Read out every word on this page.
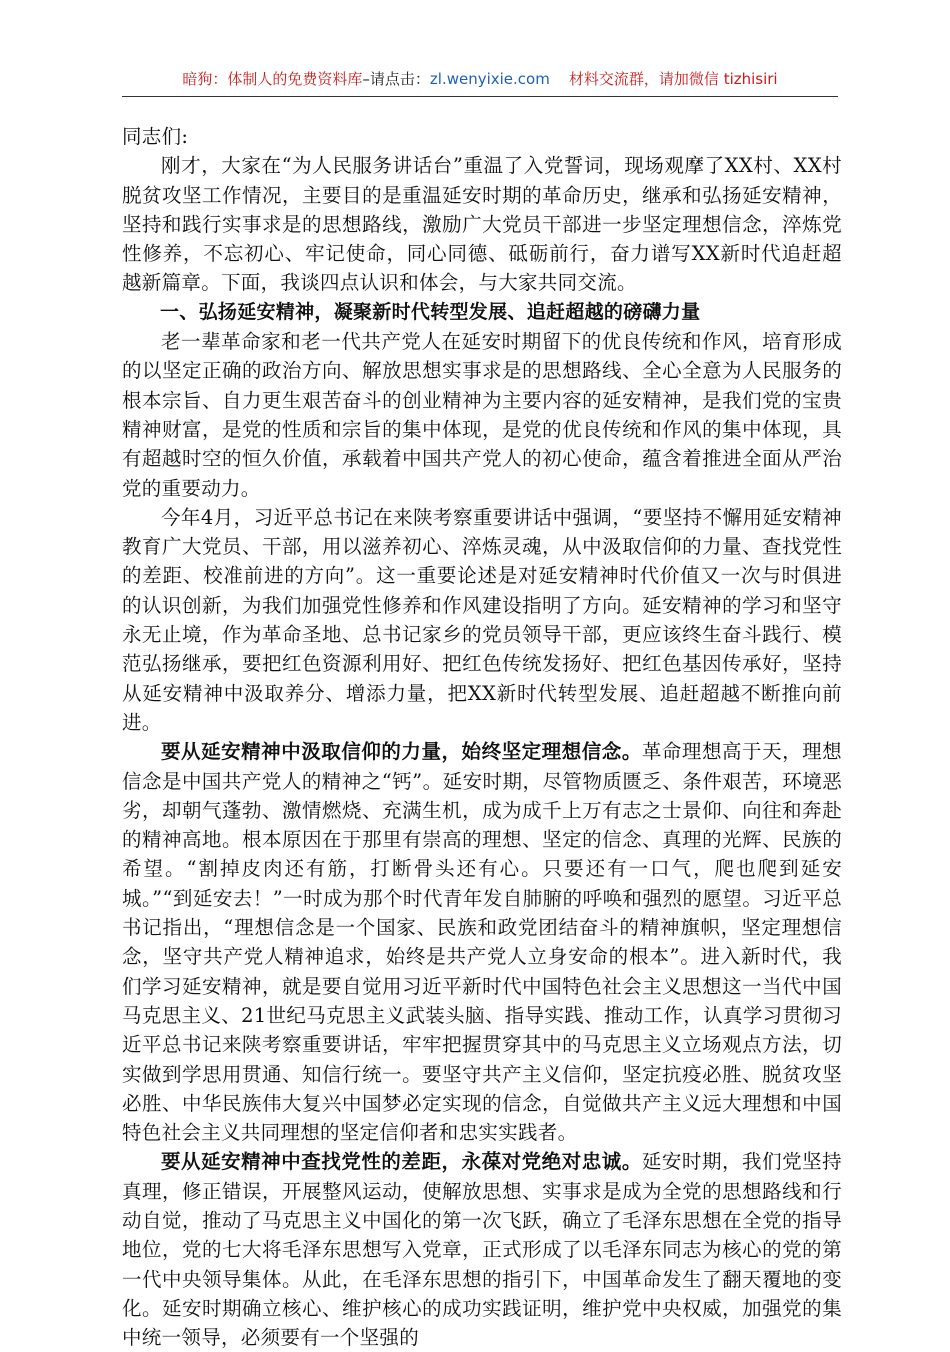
暗狗：体制人的免费资料库–请点击：zl.wenyixie.com 材料交流群，请加微信 tizhisiri

同志们:

刚才，大家在“为人民服务讲话台”重温了入党誓词，现场观摩了XX村、XX村脱贫攻坚工作情况，主要目的是重温延安时期的革命历史，继承和弘扬延安精神，坚持和践行实事求是的思想路线，激励广大党员干部进一步坚定理想信念，淬炼党性修养，不忘初心、牢记使命，同心同德、砥砺前行，奋力谱写XX新时代追赶超越新篇章。下面，我谈四点认识和体会，与大家共同交流。

一、弘扬延安精神，凝聚新时代转型发展、追赶超越的磅礴力量

老一辈革命家和老一代共产党人在延安时期留下的优良传统和作风，培育形成的以坚定正确的政治方向、解放思想实事求是的思想路线、全心全意为人民服务的根本宗旨、自力更生艰苦奋斗的创业精神为主要内容的延安精神，是我们党的宝贵精神财富，是党的性质和宗旨的集中体现，是党的优良传统和作风的集中体现，具有超越时空的恒久价值，承载着中国共产党人的初心使命，蕴含着推进全面从严治党的重要动力。

今年4月，习近平总书记在来陕考察重要讲话中强调，“要坚持不懈用延安精神教育广大党员、干部，用以滋养初心、淬炼灵魂，从中汲取信仰的力量、查找党性的差距、校准前进的方向”。这一重要论述是对延安精神时代价值又一次与时俱进的认识创新，为我们加强党性修养和作风建设指明了方向。延安精神的学习和坚守永无止境，作为革命圣地、总书记家乡的党员领导干部，更应该终生奋斗践行、模范弘扬继承，要把红色资源利用好、把红色传统发扬好、把红色基因传承好，坚持从延安精神中汲取养分、增添力量，把XX新时代转型发展、追赶超越不断推向前进。

要从延安精神中汲取信仰的力量，始终坚定理想信念。革命理想高于天，理想信念是中国共产党人的精神之“钙”。延安时期，尽管物质匮乏、条件艰苦，环境恶劣，却朝气蓬勃、激情燃烧、充满生机，成为成千上万有志之士景仰、向往和奔赴的精神高地。根本原因在于那里有崇高的理想、坚定的信念、真理的光辉、民族的希望。“割掉皮肉还有筋，打断骨头还有心。只要还有一口气，爬也爬到延安城。”“到延安去！”一时成为那个时代青年发自肺腑的呼唤和强烈的愿望。习近平总书记指出，“理想信念是一个国家、民族和政党团结奋斗的精神旗帜，坚定理想信念，坚守共产党人精神追求，始终是共产党人立身安命的根本”。进入新时代，我们学习延安精神，就是要自觉用习近平新时代中国特色社会主义思想这一当代中国马克思主义、21世纪马克思主义武装头脑、指导实践、推动工作，认真学习贯彻习近平总书记来陕考察重要讲话，牢牢把握贯穿其中的马克思主义立场观点方法，切实做到学思用贯通、知信行统一。要坚守共产主义信仰，坚定抗疫必胜、脱贫攻坚必胜、中华民族伟大复兴中国梦必定实现的信念，自觉做共产主义远大理想和中国特色社会主义共同理想的坚定信仰者和忠实实践者。

要从延安精神中查找党性的差距，永葆对党绝对忠诚。延安时期，我们党坚持真理，修正错误，开展整风运动，使解放思想、实事求是成为全党的思想路线和行动自觉，推动了马克思主义中国化的第一次飞跃，确立了毛泽东思想在全党的指导地位，党的七大将毛泽东思想写入党章，正式形成了以毛泽东同志为核心的党的第一代中央领导集体。从此，在毛泽东思想的指引下，中国革命发生了翻天覆地的变化。延安时期确立核心、维护核心的成功实践证明，维护党中央权威，加强党的集中统一领导，必须要有一个坚强的
